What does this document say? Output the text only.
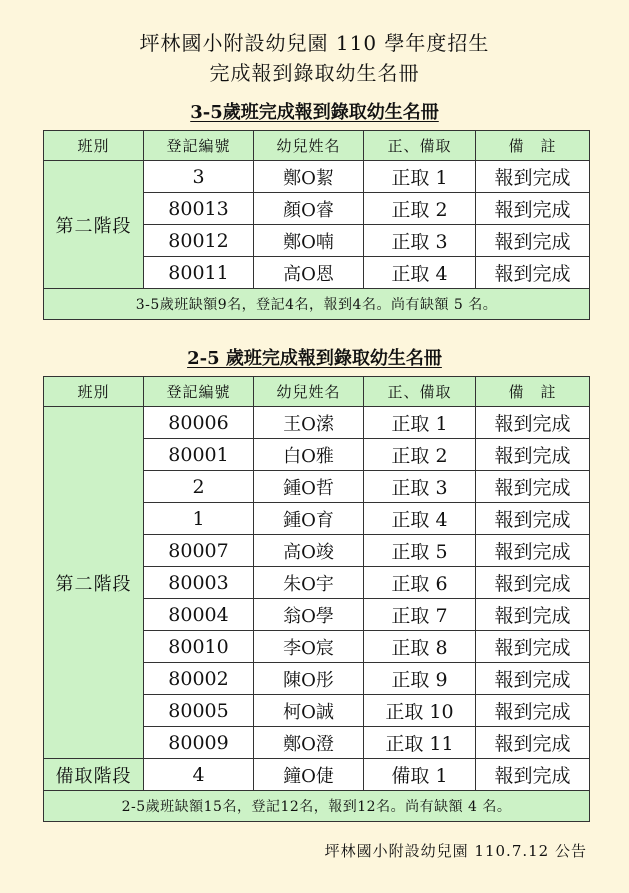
坪林國小附設幼兒園 110 學年度招生
完成報到錄取幼生名冊
3-5歲班完成報到錄取幼生名冊
班別	登記編號	幼兒姓名	正、備取	備　註
第二階段	3	鄭O絜	正取 1	報到完成
	80013	顏O睿	正取 2	報到完成
	80012	鄭O喃	正取 3	報到完成
	80011	高O恩	正取 4	報到完成
3-5歲班缺額9名，登記4名，報到4名。尚有缺額 5 名。				
2-5 歲班完成報到錄取幼生名冊
班別	登記編號	幼兒姓名	正、備取	備　註
第二階段	80006	王O溹	正取 1	報到完成
	80001	白O雅	正取 2	報到完成
	2	鍾O哲	正取 3	報到完成
	1	鍾O育	正取 4	報到完成
	80007	高O竣	正取 5	報到完成
	80003	朱O宇	正取 6	報到完成
	80004	翁O學	正取 7	報到完成
	80010	李O宸	正取 8	報到完成
	80002	陳O彤	正取 9	報到完成
	80005	柯O誠	正取 10	報到完成
	80009	鄭O澄	正取 11	報到完成
備取階段	4	鐘O倢	備取 1	報到完成
2-5歲班缺額15名，登記12名，報到12名。尚有缺額 4 名。				
坪林國小附設幼兒園 110.7.12 公告
